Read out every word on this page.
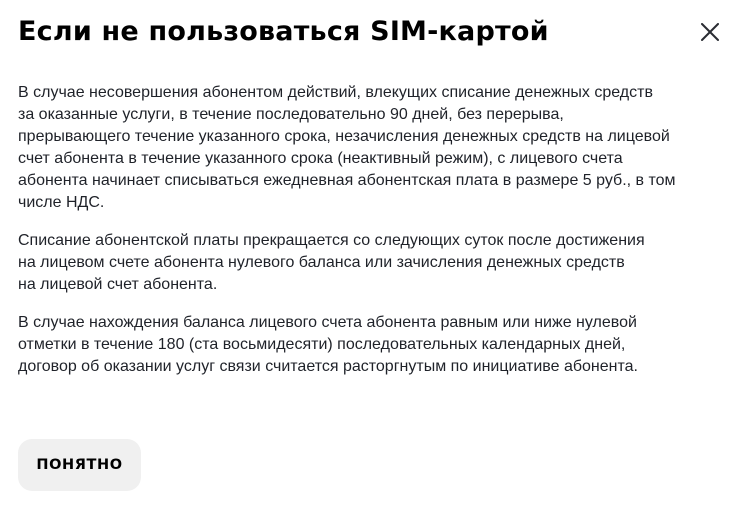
Если не пользоваться SIM-картой

В случае несовершения абонентом действий, влекущих списание денежных средств
за оказанные услуги, в течение последовательно 90 дней, без перерыва,
прерывающего течение указанного срока, незачисления денежных средств на лицевой
счет абонента в течение указанного срока (неактивный режим), с лицевого счета
абонента начинает списываться ежедневная абонентская плата в размере 5 руб., в том
числе НДС.

Списание абонентской платы прекращается со следующих суток после достижения
на лицевом счете абонента нулевого баланса или зачисления денежных средств
на лицевой счет абонента.

В случае нахождения баланса лицевого счета абонента равным или ниже нулевой
отметки в течение 180 (ста восьмидесяти) последовательных календарных дней,
договор об оказании услуг связи считается расторгнутым по инициативе абонента.

ПОНЯТНО
